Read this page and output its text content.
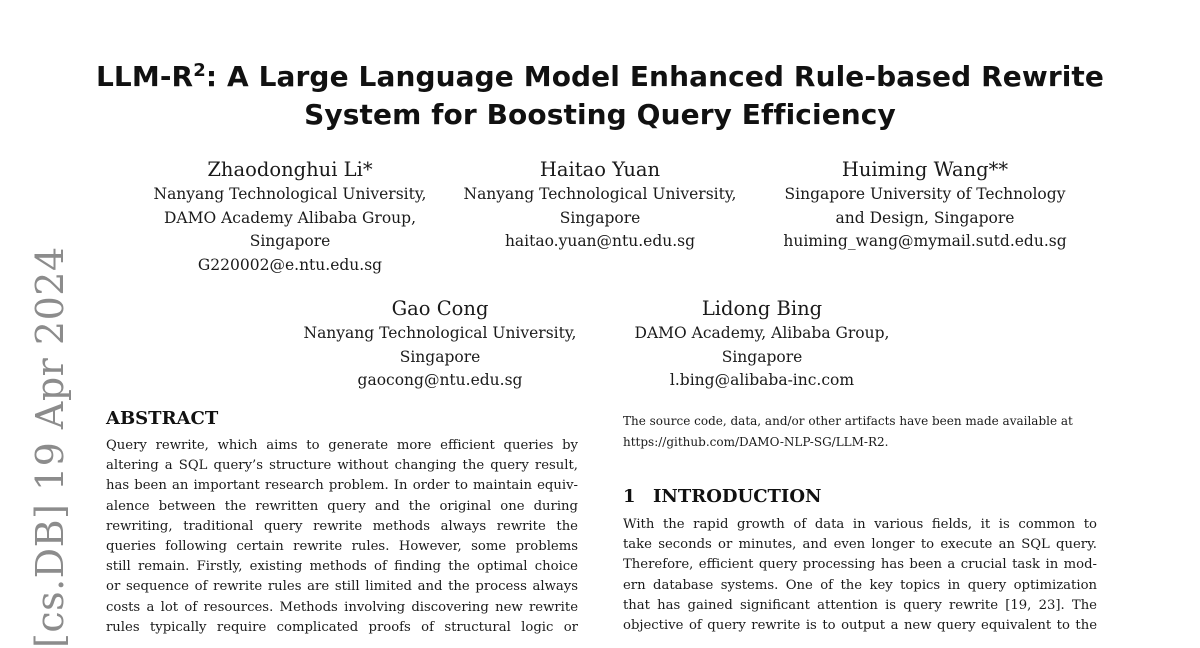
LLM-$R^2$: A Large Language Model Enhanced Rule-based Rewrite
System for Boosting Query Efficiency
Zhaodonghui Li*
Nanyang Technological University,
DAMO Academy Alibaba Group,
Singapore
G220002@e.ntu.edu.sg
Haitao Yuan
Nanyang Technological University,
Singapore
haitao.yuan@ntu.edu.sg
Huiming Wang**
Singapore University of Technology
and Design, Singapore
huiming_wang@mymail.sutd.edu.sg
Gao Cong
Nanyang Technological University,
Singapore
gaocong@ntu.edu.sg
Lidong Bing
DAMO Academy, Alibaba Group,
Singapore
l.bing@alibaba-inc.com
[cs.DB] 19 Apr 2024 ABSTRACT
Query rewrite, which aims to generate more efficient queries by
altering a SQL query’s structure without changing the query result,
has been an important research problem. In order to maintain equiv-
alence between the rewritten query and the original one during
rewriting, traditional query rewrite methods always rewrite the
queries following certain rewrite rules. However, some problems
still remain. Firstly, existing methods of finding the optimal choice
or sequence of rewrite rules are still limited and the process always
costs a lot of resources. Methods involving discovering new rewrite
rules typically require complicated proofs of structural logic or
The source code, data, and/or other artifacts have been made available at
https://github.com/DAMO-NLP-SG/LLM-R2.
1 INTRODUCTION
With the rapid growth of data in various fields, it is common to
take seconds or minutes, and even longer to execute an SQL query.
Therefore, efficient query processing has been a crucial task in mod-
ern database systems. One of the key topics in query optimization
that has gained significant attention is query rewrite [19, 23]. The
objective of query rewrite is to output a new query equivalent to the
